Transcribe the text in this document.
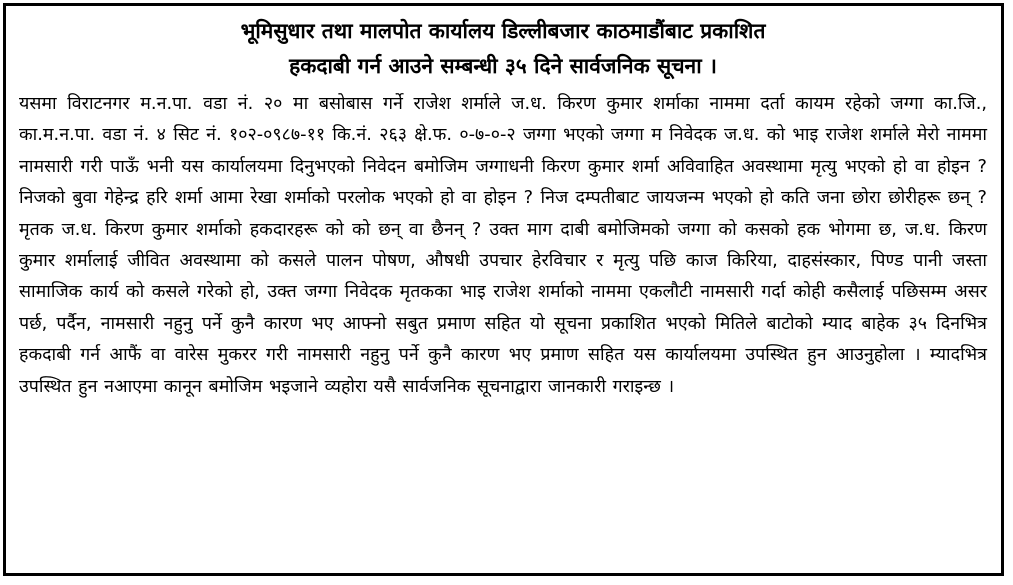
भूमिसुधार तथा मालपोत कार्यालय डिल्लीबजार काठमाडौंबाट प्रकाशित
हकदाबी गर्न आउने सम्बन्धी ३५ दिने सार्वजनिक सूचना ।

यसमा विराटनगर म.न.पा. वडा नं. २० मा बसोबास गर्ने राजेश शर्माले ज.ध. किरण कुमार शर्माका नाममा दर्ता कायम रहेको जग्गा का.जि., का.म.न.पा. वडा नं. ४ सिट नं. १०२-०९८७-११ कि.नं. २६३ क्षे.फ. ०-७-०-२ जग्गा भएको जग्गा म निवेदक ज.ध. को भाइ राजेश शर्माले मेरो नाममा नामसारी गरी पाऊँ भनी यस कार्यालयमा दिनुभएको निवेदन बमोजिम जग्गाधनी किरण कुमार शर्मा अविवाहित अवस्थामा मृत्यु भएको हो वा होइन ? निजको बुवा गेहेन्द्र हरि शर्मा आमा रेखा शर्माको परलोक भएको हो वा होइन ? निज दम्पतीबाट जायजन्म भएको हो कति जना छोरा छोरीहरू छन् ? मृतक ज.ध. किरण कुमार शर्माको हकदारहरू को को छन् वा छैनन् ? उक्त माग दाबी बमोजिमको जग्गा को कसको हक भोगमा छ, ज.ध. किरण कुमार शर्मालाई जीवित अवस्थामा को कसले पालन पोषण, औषधी उपचार हेरविचार र मृत्यु पछि काज किरिया, दाहसंस्कार, पिण्ड पानी जस्ता सामाजिक कार्य को कसले गरेको हो, उक्त जग्गा निवेदक मृतकका भाइ राजेश शर्माको नाममा एकलौटी नामसारी गर्दा कोही कसैलाई पछिसम्म असर पर्छ, पर्दैन, नामसारी नहुनु पर्ने कुनै कारण भए आफ्नो सबुत प्रमाण सहित यो सूचना प्रकाशित भएको मितिले बाटोको म्याद बाहेक ३५ दिनभित्र हकदाबी गर्न आफैं वा वारेस मुकरर गरी नामसारी नहुनु पर्ने कुनै कारण भए प्रमाण सहित यस कार्यालयमा उपस्थित हुन आउनुहोला । म्यादभित्र उपस्थित हुन नआएमा कानून बमोजिम भइजाने व्यहोरा यसै सार्वजनिक सूचनाद्वारा जानकारी गराइन्छ ।
